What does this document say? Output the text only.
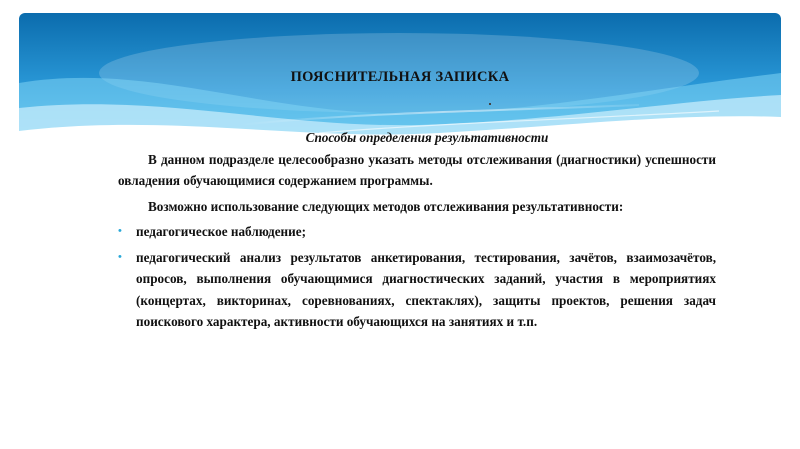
ПОЯСНИТЕЛЬНАЯ ЗАПИСКА
Способы определения результативности

В данном подразделе целесообразно указать методы отслеживания (диагностики) успешности овладения обучающимися содержанием программы.

Возможно использование следующих методов отслеживания результативности:

• педагогическое наблюдение;
• педагогический анализ результатов анкетирования, тестирования, зачётов, взаимозачётов, опросов, выполнения обучающимися диагностических заданий, участия в мероприятиях (концертах, викторинах, соревнованиях, спектаклях), защиты проектов, решения задач поискового характера, активности обучающихся на занятиях и т.п.
